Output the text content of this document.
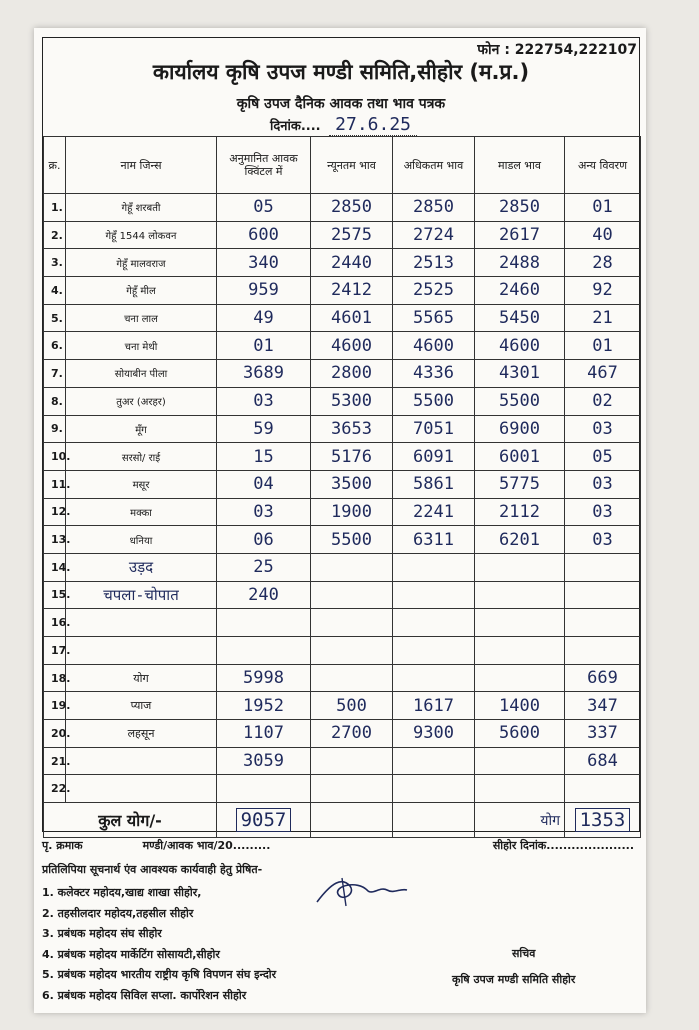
फोन : 222754,222107
कार्यालय कृषि उपज मण्डी समिति,सीहोर (म.प्र.)
कृषि उपज दैनिक आवक तथा भाव पत्रक
दिनांक.... 27.6.25
क्र.	नाम जिन्स	अनुमानित आवक क्विंटल में	न्यूनतम भाव	अधिकतम भाव	माडल भाव	अन्य विवरण
1.	गेहूँ शरबती	05	2850	2850	2850	01
2.	गेहूँ 1544 लोकवन	600	2575	2724	2617	40
3.	गेहूँ मालवराज	340	2440	2513	2488	28
4.	गेहूँ मील	959	2412	2525	2460	92
5.	चना लाल	49	4601	5565	5450	21
6.	चना मेथी	01	4600	4600	4600	01
7.	सोयाबीन पीला	3689	2800	4336	4301	467
8.	तुअर (अरहर)	03	5300	5500	5500	02
9.	मूँग	59	3653	7051	6900	03
10.	सरसो/ राई	15	5176	6091	6001	05
11.	मसूर	04	3500	5861	5775	03
12.	मक्का	03	1900	2241	2112	03
13.	धनिया	06	5500	6311	6201	03
14.	उड़द	25				
15.	चपला-चोपात	240				
16.						
17.						
18.	योग	5998				669
19.	प्याज	1952	500	1617	1400	347
20.	लहसून	1107	2700	9300	5600	337
21.		3059				684
22.						
कुल योग/-		9057			योग	1353
पृ. क्रमाक	मण्डी/आवक भाव/20.........	सीहोर दिनांक.....................
प्रतिलिपिया सूचनार्थ एंव आवश्यक कार्यवाही हेतु प्रेषित-
1. कलेक्टर महोदय,खाद्य शाखा सीहोर,
2. तहसीलदार महोदय,तहसील सीहोर
3. प्रबंधक महोदय संघ सीहोर
4. प्रबंधक महोदय मार्केटिंग सोसायटी,सीहोर
5. प्रबंधक महोदय भारतीय राष्ट्रीय कृषि विपणन संघ इन्दोर
6. प्रबंधक महोदय सिविल सप्ला. कार्पोरेशन सीहोर
सचिव
कृषि उपज मण्डी समिति सीहोर
